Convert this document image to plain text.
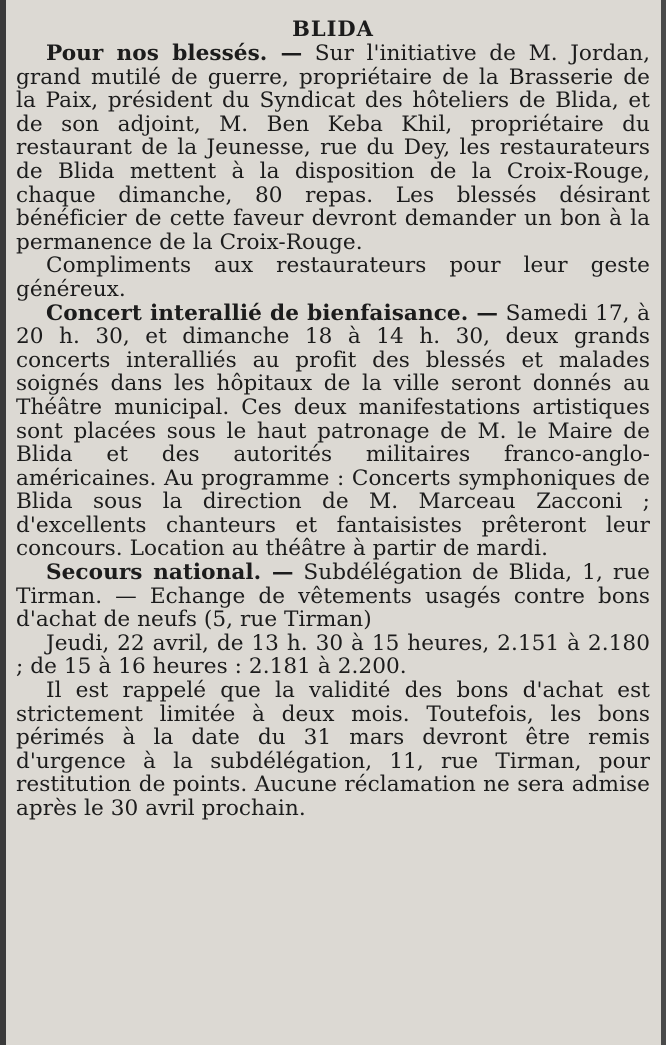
BLIDA

Pour nos blessés. — Sur l'initiative de M. Jordan, grand mutilé de guerre, propriétaire de la Brasserie de la Paix, président du Syndicat des hôteliers de Blida, et de son adjoint, M. Ben Keba Khil, propriétaire du restaurant de la Jeunesse, rue du Dey, les restaurateurs de Blida mettent à la disposition de la Croix-Rouge, chaque dimanche, 80 repas. Les blessés désirant bénéficier de cette faveur devront demander un bon à la permanence de la Croix-Rouge.

Compliments aux restaurateurs pour leur geste généreux.

Concert interallié de bienfaisance. — Samedi 17, à 20 h. 30, et dimanche 18 à 14 h. 30, deux grands concerts interalliés au profit des blessés et malades soignés dans les hôpitaux de la ville seront donnés au Théâtre municipal. Ces deux manifestations artistiques sont placées sous le haut patronage de M. le Maire de Blida et des autorités militaires franco-anglo-américaines. Au programme : Concerts symphoniques de Blida sous la direction de M. Marceau Zacconi ; d'excellents chanteurs et fantaisistes prêteront leur concours. Location au théâtre à partir de mardi.

Secours national. — Subdélégation de Blida, 1, rue Tirman. — Echange de vêtements usagés contre bons d'achat de neufs (5, rue Tirman)

Jeudi, 22 avril, de 13 h. 30 à 15 heures, 2.151 à 2.180 ; de 15 à 16 heures : 2.181 à 2.200.

Il est rappelé que la validité des bons d'achat est strictement limitée à deux mois. Toutefois, les bons périmés à la date du 31 mars devront être remis d'urgence à la subdélégation, 11, rue Tirman, pour restitution de points. Aucune réclamation ne sera admise après le 30 avril prochain.
